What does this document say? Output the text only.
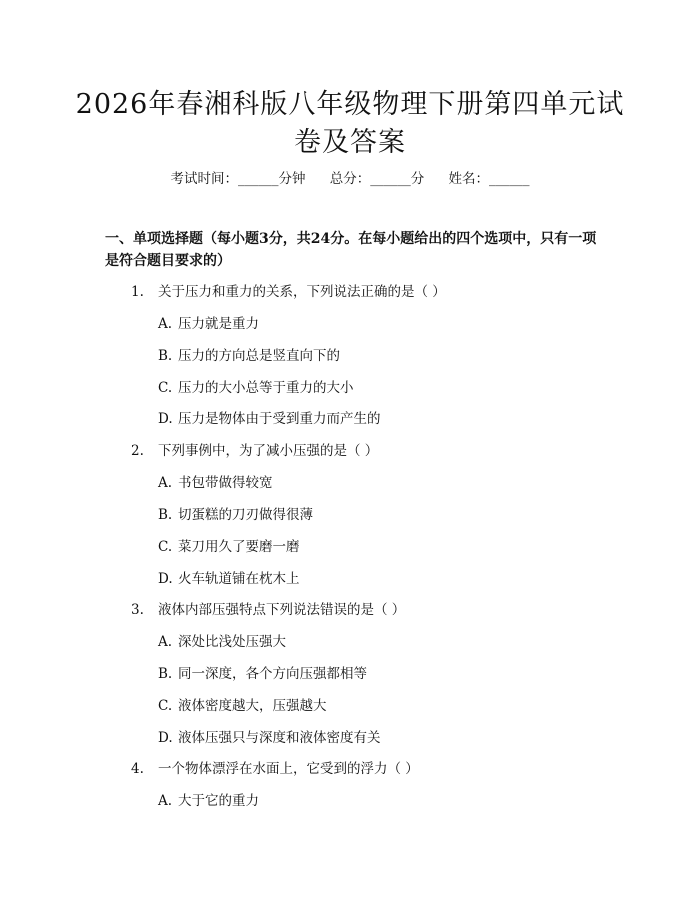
2026年春湘科版八年级物理下册第四单元试卷及答案
考试时间：______分钟 总分：______分 姓名：______
一、单项选择题（每小题3分，共24分。在每小题给出的四个选项中，只有一项是符合题目要求的）
1. 关于压力和重力的关系，下列说法正确的是（ ）
A. 压力就是重力
B. 压力的方向总是竖直向下的
C. 压力的大小总等于重力的大小
D. 压力是物体由于受到重力而产生的
2. 下列事例中，为了减小压强的是（ ）
A. 书包带做得较宽
B. 切蛋糕的刀刃做得很薄
C. 菜刀用久了要磨一磨
D. 火车轨道铺在枕木上
3. 液体内部压强特点下列说法错误的是（ ）
A. 深处比浅处压强大
B. 同一深度，各个方向压强都相等
C. 液体密度越大，压强越大
D. 液体压强只与深度和液体密度有关
4. 一个物体漂浮在水面上，它受到的浮力（ ）
A. 大于它的重力
